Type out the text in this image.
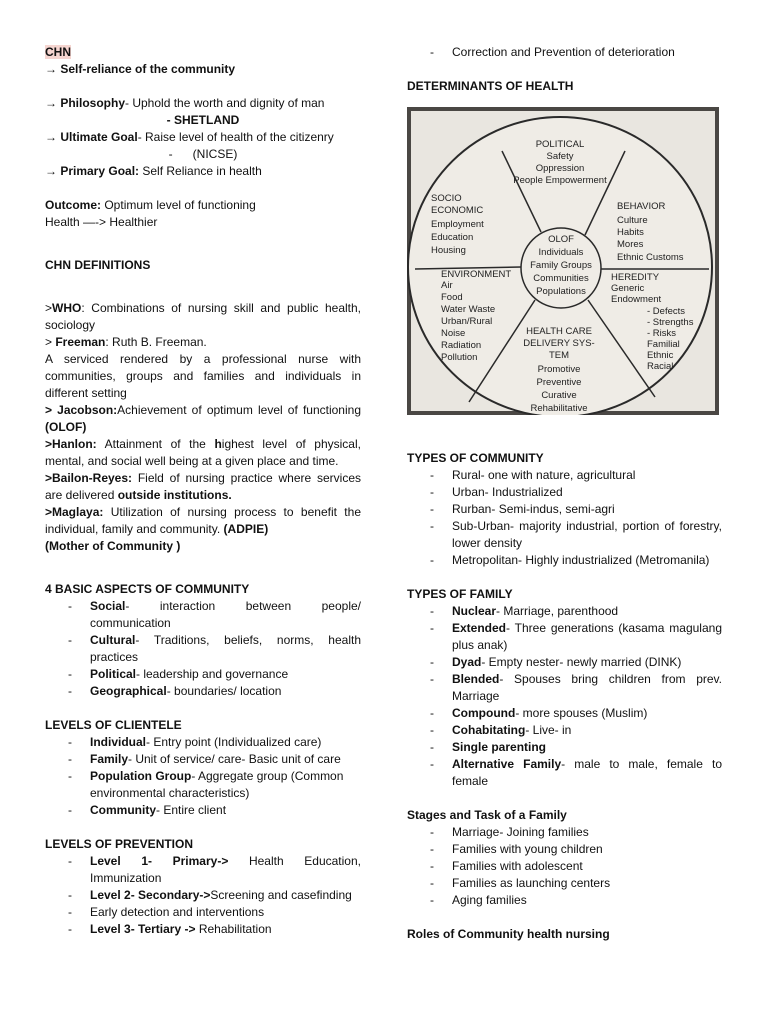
CHN

→ Self-reliance of the community

→ Philosophy- Uphold the worth and dignity of man

- SHETLAND

→ Ultimate Goal- Raise level of health of the citizenry

-      (NICSE)

→ Primary Goal: Self Reliance in health

Outcome: Optimum level of functioning

Health —-> Healthier

CHN DEFINITIONS

>WHO: Combinations of nursing skill and public health, sociology

> Freeman: Ruth B. Freeman.

A serviced rendered by a professional nurse with communities, groups and families and individuals in different setting

> Jacobson:Achievement of optimum level of functioning (OLOF)

>Hanlon: Attainment of the highest level of physical, mental, and social well being at a given place and time.

>Bailon-Reyes: Field of nursing practice where services are delivered outside institutions.

>Maglaya: Utilization of nursing process to benefit the individual, family and community. (ADPIE)

(Mother of Community )

4 BASIC ASPECTS OF COMMUNITY

- Social- interaction between people/ communication
- Cultural- Traditions, beliefs, norms, health practices
- Political- leadership and governance
- Geographical- boundaries/ location

LEVELS OF CLIENTELE

- Individual- Entry point (Individualized care)
- Family- Unit of service/ care- Basic unit of care
- Population Group- Aggregate group (Common environmental characteristics)
- Community- Entire client

LEVELS OF PREVENTION

- Level 1- Primary-> Health Education, Immunization
- Level 2- Secondary->Screening and casefinding
- Early detection and interventions
- Level 3- Tertiary -> Rehabilitation
- Correction and Prevention of deterioration

DETERMINANTS OF HEALTH

POLITICAL
Safety
Oppression
People Empowerment
SOCIO
ECONOMIC
Employment
Education
Housing
BEHAVIOR
Culture
Habits
Mores
Ethnic Customs
OLOF
Individuals
Family Groups
Communities
Populations
ENVIRONMENT
Air
Food
Water Waste
Urban/Rural
Noise
Radiation
Pollution
HEREDITY
Generic
Endowment
- Defects
- Strengths
- Risks
Familial
Ethnic
Racial
HEALTH CARE
DELIVERY SYS-
TEM
Promotive
Preventive
Curative
Rehabilitative

TYPES OF COMMUNITY

- Rural- one with nature, agricultural
- Urban- Industrialized
- Rurban- Semi-indus, semi-agri
- Sub-Urban- majority industrial, portion of forestry, lower density
- Metropolitan- Highly industrialized (Metromanila)

TYPES OF FAMILY

- Nuclear- Marriage, parenthood
- Extended- Three generations (kasama magulang plus anak)
- Dyad- Empty nester- newly married (DINK)
- Blended- Spouses bring children from prev. Marriage
- Compound- more spouses (Muslim)
- Cohabitating- Live- in
- Single parenting
- Alternative Family- male to male, female to female

Stages and Task of a Family

- Marriage- Joining families
- Families with young children
- Families with adolescent
- Families as launching centers
- Aging families

Roles of Community health nursing
